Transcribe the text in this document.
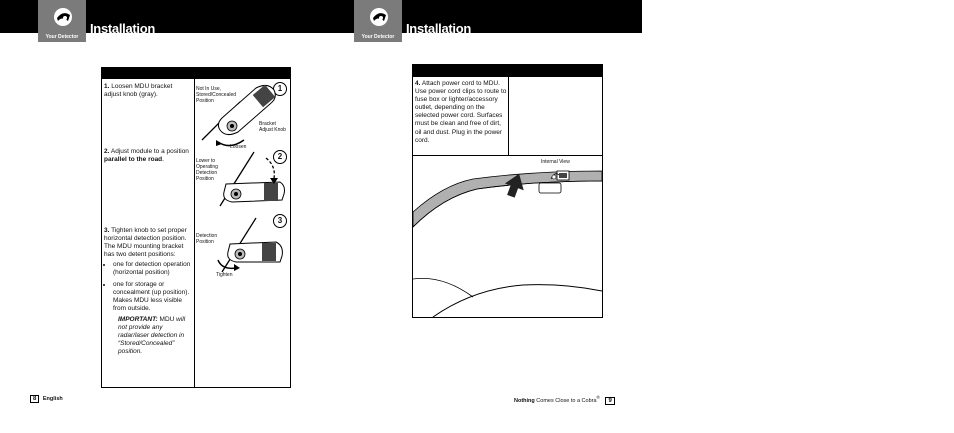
Your Detector
Installation
Your Detector
Installation
1. Loosen MDU bracket adjust knob (gray).
2. Adjust module to a position parallel to the road.
3. Tighten knob to set proper horizontal detection position. The MDU mounting bracket has two detent positions:
• one for detection operation (horizontal position)
• one for storage or concealment (up position). Makes MDU less visible from outside.
IMPORTANT: MDU will not provide any radar/laser detection in “Stored/Concealed” position.
Not In Use, Stored/Concealed Position
1
Bracket Adjust Knob
Loosen
Lower to Operating Detection Position
2
Detection Position
3
Tighten
4. Attach power cord to MDU. Use power cord clips to route to fuse box or lighter/accessory outlet, depending on the selected power cord. Surfaces must be clean and free of dirt, oil and dust. Plug in the power cord.
Internal View
8 English	Nothing Comes Close to a Cobra® 9
